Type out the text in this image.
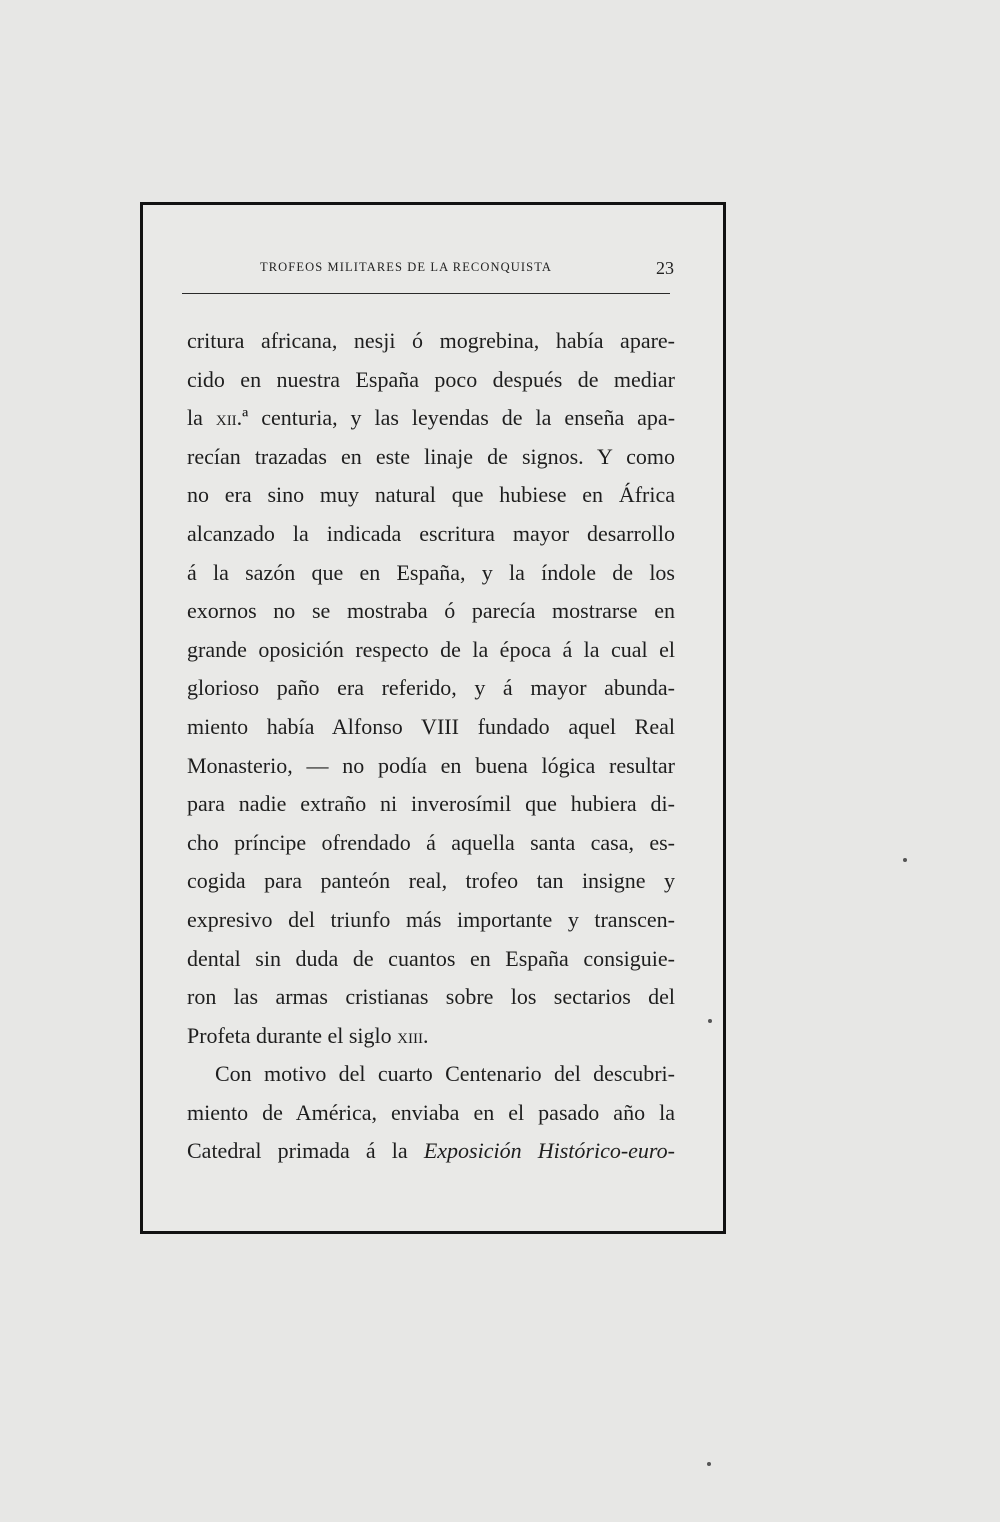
TROFEOS MILITARES DE LA RECONQUISTA	23
critura africana, nesji ó mogrebina, había apare-
cido en nuestra España poco después de mediar
la xii.ª centuria, y las leyendas de la enseña apa-
recían trazadas en este linaje de signos. Y como
no era sino muy natural que hubiese en África
alcanzado la indicada escritura mayor desarrollo
á la sazón que en España, y la índole de los
exornos no se mostraba ó parecía mostrarse en
grande oposición respecto de la época á la cual el
glorioso paño era referido, y á mayor abunda-
miento había Alfonso VIII fundado aquel Real
Monasterio, — no podía en buena lógica resultar
para nadie extraño ni inverosímil que hubiera di-
cho príncipe ofrendado á aquella santa casa, es-
cogida para panteón real, trofeo tan insigne y
expresivo del triunfo más importante y transcen-
dental sin duda de cuantos en España consiguie-
ron las armas cristianas sobre los sectarios del
Profeta durante el siglo xiii.
Con motivo del cuarto Centenario del descubri-
miento de América, enviaba en el pasado año la
Catedral primada á la Exposición Histórico-euro-
